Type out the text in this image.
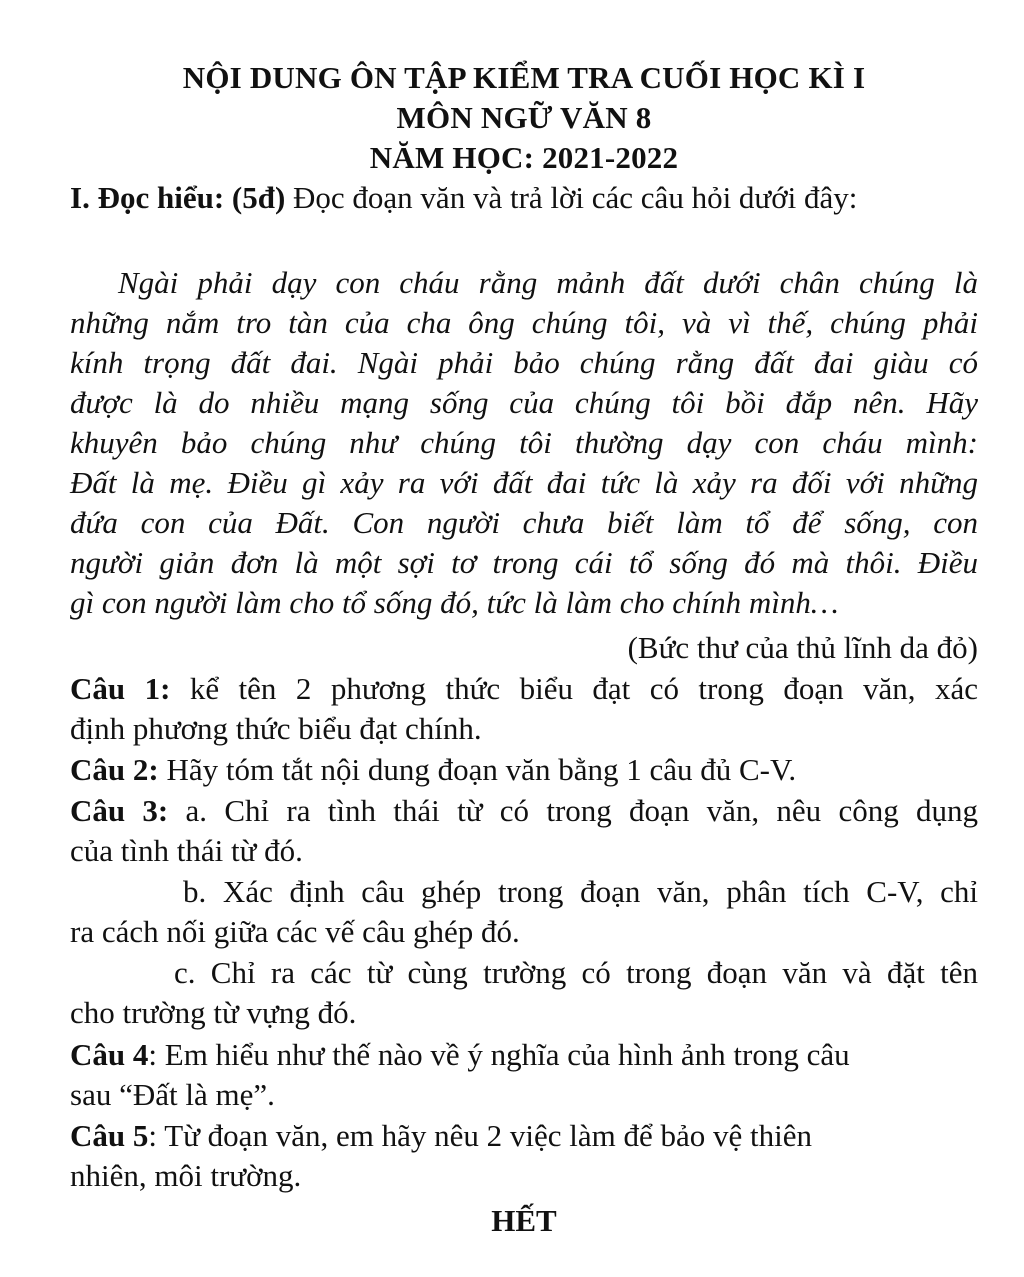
NỘI DUNG ÔN TẬP KIỂM TRA CUỐI HỌC KÌ I
MÔN NGỮ VĂN 8
NĂM HỌC: 2021-2022
I. Đọc hiểu: (5đ) Đọc đoạn văn và trả lời các câu hỏi dưới đây:
Ngài phải dạy con cháu rằng mảnh đất dưới chân chúng là
những nắm tro tàn của cha ông chúng tôi, và vì thế, chúng phải
kính trọng đất đai. Ngài phải bảo chúng rằng đất đai giàu có
được là do nhiều mạng sống của chúng tôi bồi đắp nên. Hãy
khuyên bảo chúng như chúng tôi thường dạy con cháu mình:
Đất là mẹ. Điều gì xảy ra với đất đai tức là xảy ra đối với những
đứa con của Đất. Con người chưa biết làm tổ để sống, con
người giản đơn là một sợi tơ trong cái tổ sống đó mà thôi. Điều
gì con người làm cho tổ sống đó, tức là làm cho chính mình…
(Bức thư của thủ lĩnh da đỏ)
Câu 1: kể tên 2 phương thức biểu đạt có trong đoạn văn, xác
định phương thức biểu đạt chính.
Câu 2: Hãy tóm tắt nội dung đoạn văn bằng 1 câu đủ C-V.
Câu 3: a. Chỉ ra tình thái từ có trong đoạn văn, nêu công dụng
của tình thái từ đó.
b. Xác định câu ghép trong đoạn văn, phân tích C-V, chỉ
ra cách nối giữa các vế câu ghép đó.
c. Chỉ ra các từ cùng trường có trong đoạn văn và đặt tên
cho trường từ vựng đó.
Câu 4: Em hiểu như thế nào về ý nghĩa của hình ảnh trong câu
sau “Đất là mẹ”.
Câu 5: Từ đoạn văn, em hãy nêu 2 việc làm để bảo vệ thiên
nhiên, môi trường.
HẾT
